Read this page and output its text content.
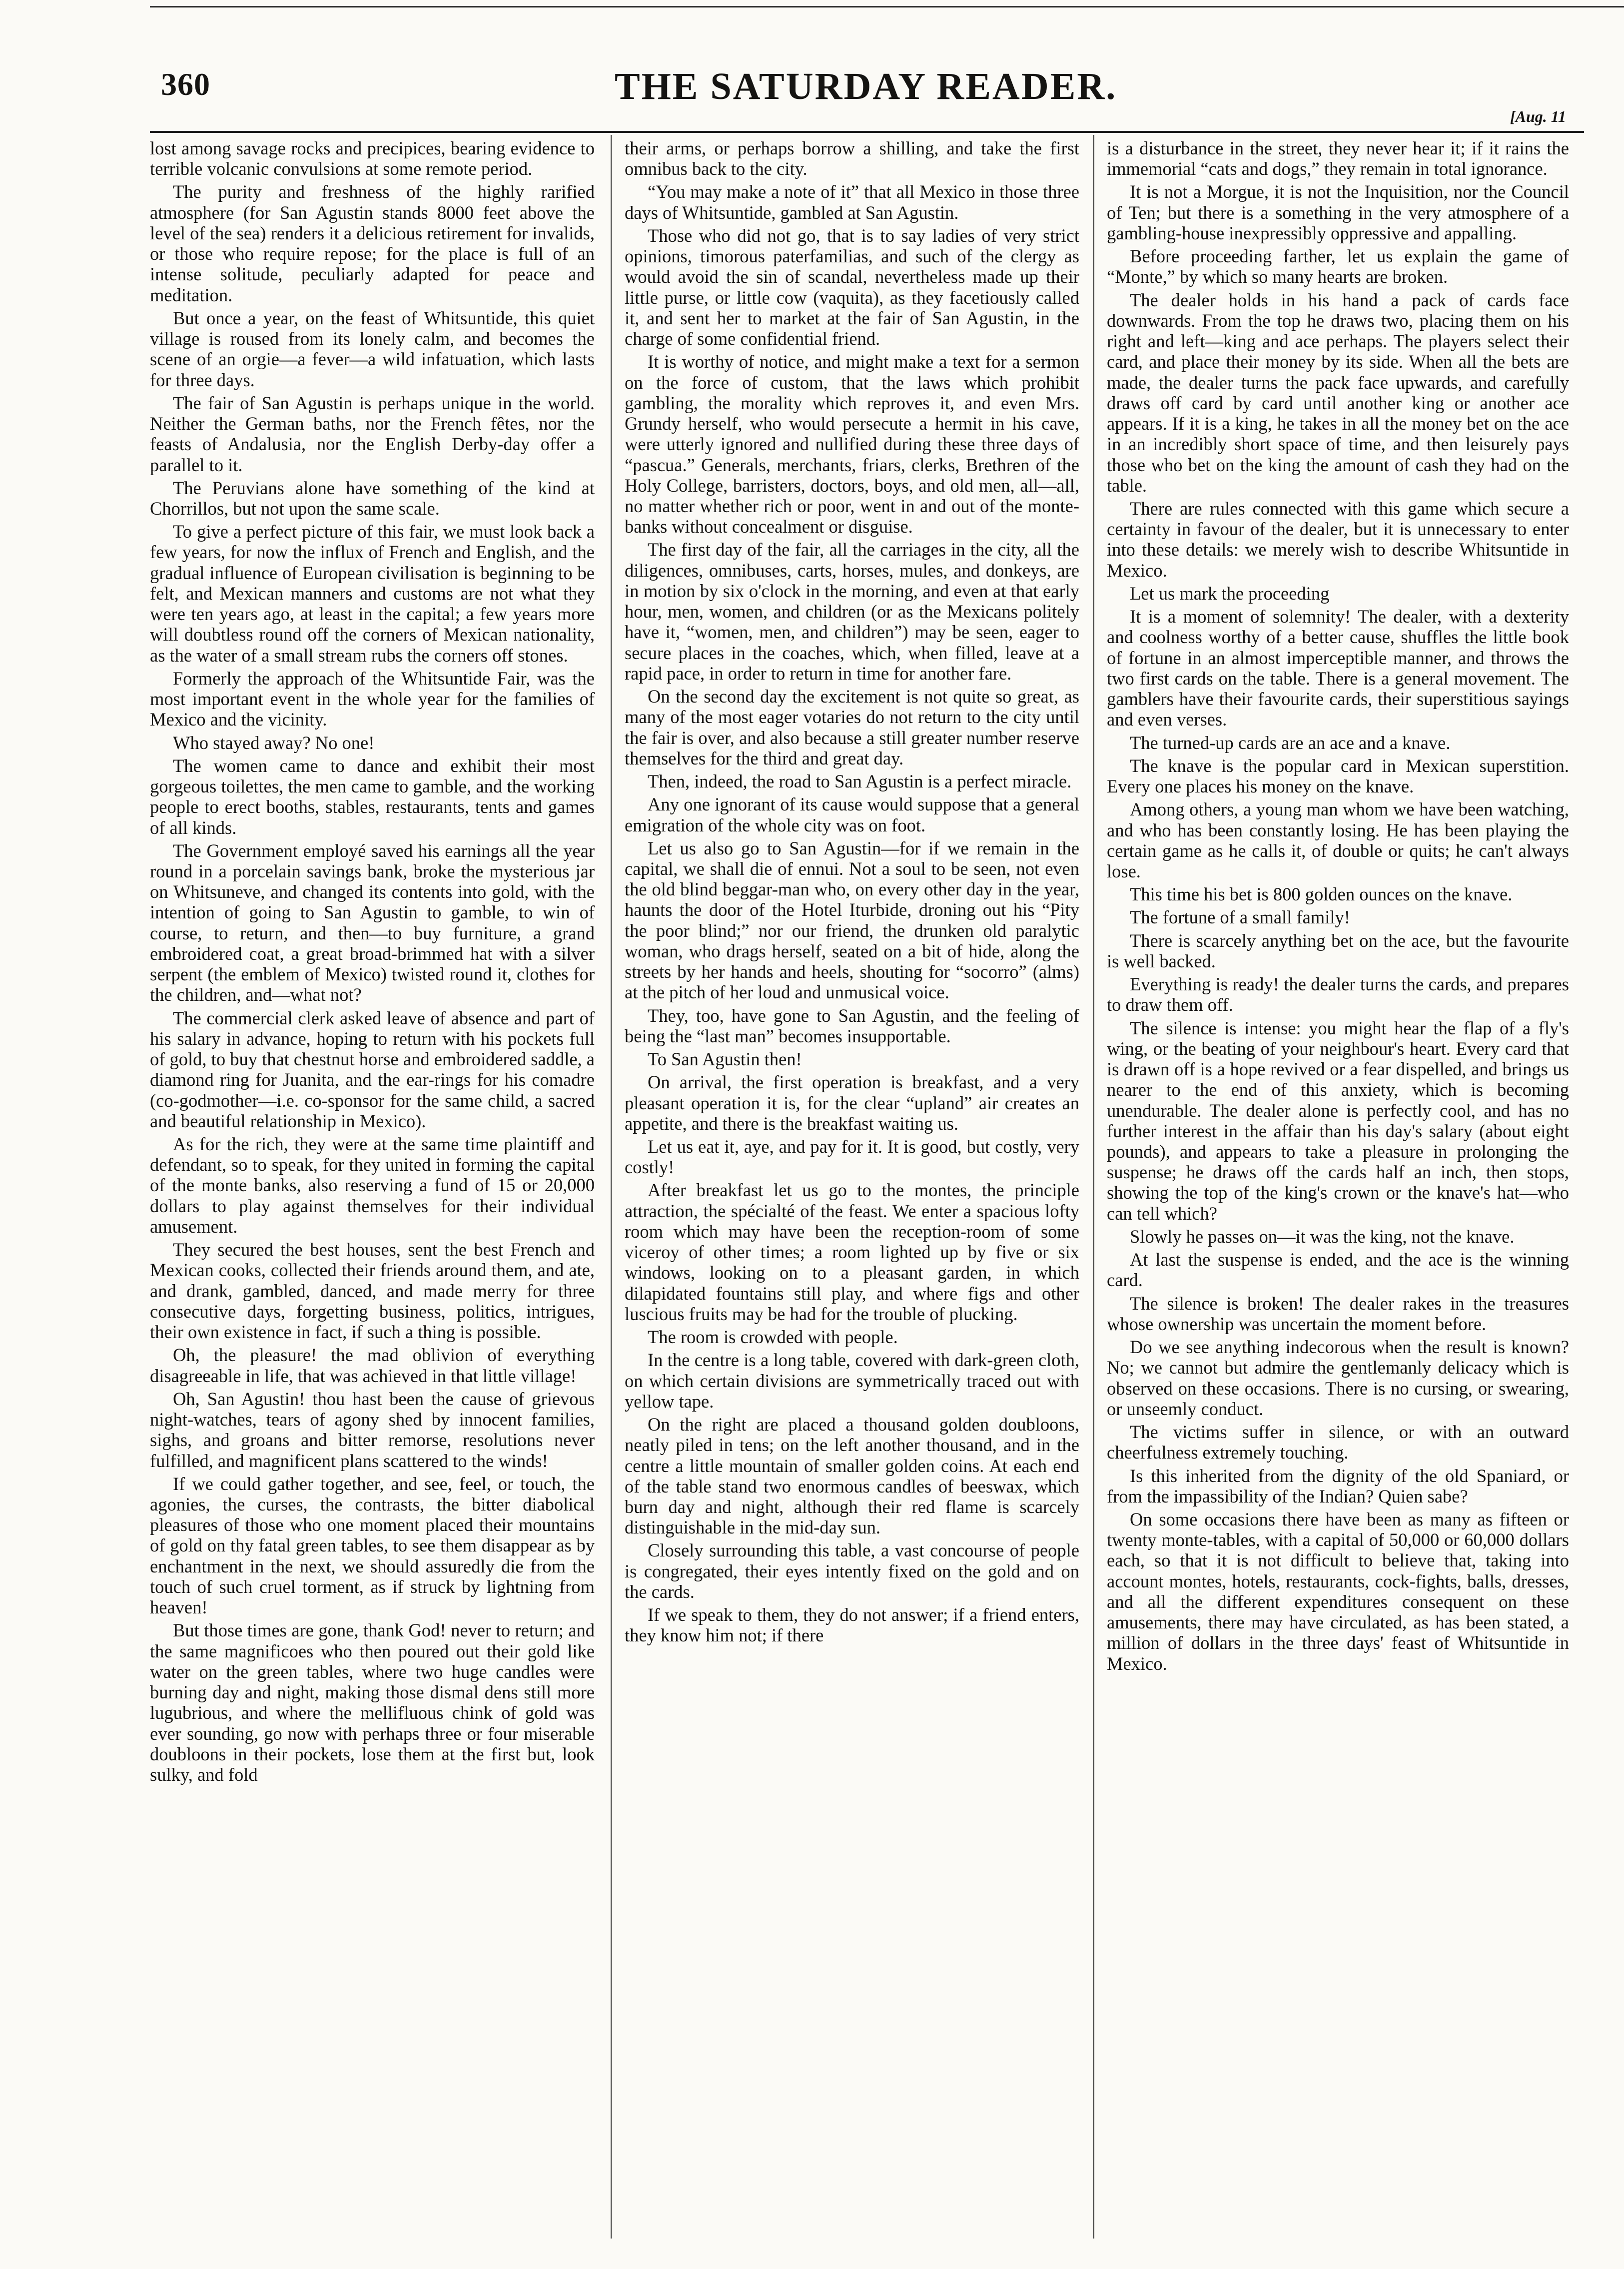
360	THE SATURDAY READER.
[Aug. 11

lost among savage rocks and precipices, bearing evidence to terrible volcanic convulsions at some remote period.

The purity and freshness of the highly rarified atmosphere (for San Agustin stands 8000 feet above the level of the sea) renders it a delicious retirement for invalids, or those who require repose; for the place is full of an intense solitude, peculiarly adapted for peace and meditation.

But once a year, on the feast of Whitsuntide, this quiet village is roused from its lonely calm, and becomes the scene of an orgie—a fever—a wild infatuation, which lasts for three days.

The fair of San Agustin is perhaps unique in the world. Neither the German baths, nor the French fêtes, nor the feasts of Andalusia, nor the English Derby-day offer a parallel to it.

The Peruvians alone have something of the kind at Chorrillos, but not upon the same scale.

To give a perfect picture of this fair, we must look back a few years, for now the influx of French and English, and the gradual influence of European civilisation is beginning to be felt, and Mexican manners and customs are not what they were ten years ago, at least in the capital; a few years more will doubtless round off the corners of Mexican nationality, as the water of a small stream rubs the corners off stones.

Formerly the approach of the Whitsuntide Fair, was the most important event in the whole year for the families of Mexico and the vicinity.

Who stayed away? No one!

The women came to dance and exhibit their most gorgeous toilettes, the men came to gamble, and the working people to erect booths, stables, restaurants, tents and games of all kinds.

The Government employé saved his earnings all the year round in a porcelain savings bank, broke the mysterious jar on Whitsuneve, and changed its contents into gold, with the intention of going to San Agustin to gamble, to win of course, to return, and then—to buy furniture, a grand embroidered coat, a great broad-brimmed hat with a silver serpent (the emblem of Mexico) twisted round it, clothes for the children, and—what not?

The commercial clerk asked leave of absence and part of his salary in advance, hoping to return with his pockets full of gold, to buy that chestnut horse and embroidered saddle, a diamond ring for Juanita, and the ear-rings for his comadre (co-godmother—i.e. co-sponsor for the same child, a sacred and beautiful relationship in Mexico).

As for the rich, they were at the same time plaintiff and defendant, so to speak, for they united in forming the capital of the monte banks, also reserving a fund of 15 or 20,000 dollars to play against themselves for their individual amusement.

They secured the best houses, sent the best French and Mexican cooks, collected their friends around them, and ate, and drank, gambled, danced, and made merry for three consecutive days, forgetting business, politics, intrigues, their own existence in fact, if such a thing is possible.

Oh, the pleasure! the mad oblivion of everything disagreeable in life, that was achieved in that little village!

Oh, San Agustin! thou hast been the cause of grievous night-watches, tears of agony shed by innocent families, sighs, and groans and bitter remorse, resolutions never fulfilled, and magnificent plans scattered to the winds!

If we could gather together, and see, feel, or touch, the agonies, the curses, the contrasts, the bitter diabolical pleasures of those who one moment placed their mountains of gold on thy fatal green tables, to see them disappear as by enchantment in the next, we should assuredly die from the touch of such cruel torment, as if struck by lightning from heaven!

But those times are gone, thank God! never to return; and the same magnificoes who then poured out their gold like water on the green tables, where two huge candles were burning day and night, making those dismal dens still more lugubrious, and where the mellifluous chink of gold was ever sounding, go now with perhaps three or four miserable doubloons in their pockets, lose them at the first but, look sulky, and fold

their arms, or perhaps borrow a shilling, and take the first omnibus back to the city.

“You may make a note of it” that all Mexico in those three days of Whitsuntide, gambled at San Agustin.

Those who did not go, that is to say ladies of very strict opinions, timorous paterfamilias, and such of the clergy as would avoid the sin of scandal, nevertheless made up their little purse, or little cow (vaquita), as they facetiously called it, and sent her to market at the fair of San Agustin, in the charge of some confidential friend.

It is worthy of notice, and might make a text for a sermon on the force of custom, that the laws which prohibit gambling, the morality which reproves it, and even Mrs. Grundy herself, who would persecute a hermit in his cave, were utterly ignored and nullified during these three days of “pascua.” Generals, merchants, friars, clerks, Brethren of the Holy College, barristers, doctors, boys, and old men, all—all, no matter whether rich or poor, went in and out of the monte-banks without concealment or disguise.

The first day of the fair, all the carriages in the city, all the diligences, omnibuses, carts, horses, mules, and donkeys, are in motion by six o'clock in the morning, and even at that early hour, men, women, and children (or as the Mexicans politely have it, “women, men, and children”) may be seen, eager to secure places in the coaches, which, when filled, leave at a rapid pace, in order to return in time for another fare.

On the second day the excitement is not quite so great, as many of the most eager votaries do not return to the city until the fair is over, and also because a still greater number reserve themselves for the third and great day.

Then, indeed, the road to San Agustin is a perfect miracle.

Any one ignorant of its cause would suppose that a general emigration of the whole city was on foot.

Let us also go to San Agustin—for if we remain in the capital, we shall die of ennui. Not a soul to be seen, not even the old blind beggar-man who, on every other day in the year, haunts the door of the Hotel Iturbide, droning out his “Pity the poor blind;” nor our friend, the drunken old paralytic woman, who drags herself, seated on a bit of hide, along the streets by her hands and heels, shouting for “socorro” (alms) at the pitch of her loud and unmusical voice.

They, too, have gone to San Agustin, and the feeling of being the “last man” becomes insupportable.

To San Agustin then!

On arrival, the first operation is breakfast, and a very pleasant operation it is, for the clear “upland” air creates an appetite, and there is the breakfast waiting us.

Let us eat it, aye, and pay for it. It is good, but costly, very costly!

After breakfast let us go to the montes, the principle attraction, the spécialté of the feast. We enter a spacious lofty room which may have been the reception-room of some viceroy of other times; a room lighted up by five or six windows, looking on to a pleasant garden, in which dilapidated fountains still play, and where figs and other luscious fruits may be had for the trouble of plucking.

The room is crowded with people.

In the centre is a long table, covered with dark-green cloth, on which certain divisions are symmetrically traced out with yellow tape.

On the right are placed a thousand golden doubloons, neatly piled in tens; on the left another thousand, and in the centre a little mountain of smaller golden coins. At each end of the table stand two enormous candles of beeswax, which burn day and night, although their red flame is scarcely distinguishable in the mid-day sun.

Closely surrounding this table, a vast concourse of people is congregated, their eyes intently fixed on the gold and on the cards.

If we speak to them, they do not answer; if a friend enters, they know him not; if there

is a disturbance in the street, they never hear it; if it rains the immemorial “cats and dogs,” they remain in total ignorance.

It is not a Morgue, it is not the Inquisition, nor the Council of Ten; but there is a something in the very atmosphere of a gambling-house inexpressibly oppressive and appalling.

Before proceeding farther, let us explain the game of “Monte,” by which so many hearts are broken.

The dealer holds in his hand a pack of cards face downwards. From the top he draws two, placing them on his right and left—king and ace perhaps. The players select their card, and place their money by its side. When all the bets are made, the dealer turns the pack face upwards, and carefully draws off card by card until another king or another ace appears. If it is a king, he takes in all the money bet on the ace in an incredibly short space of time, and then leisurely pays those who bet on the king the amount of cash they had on the table.

There are rules connected with this game which secure a certainty in favour of the dealer, but it is unnecessary to enter into these details: we merely wish to describe Whitsuntide in Mexico.

Let us mark the proceeding

It is a moment of solemnity! The dealer, with a dexterity and coolness worthy of a better cause, shuffles the little book of fortune in an almost imperceptible manner, and throws the two first cards on the table. There is a general movement. The gamblers have their favourite cards, their superstitious sayings and even verses.

The turned-up cards are an ace and a knave.

The knave is the popular card in Mexican superstition. Every one places his money on the knave.

Among others, a young man whom we have been watching, and who has been constantly losing. He has been playing the certain game as he calls it, of double or quits; he can't always lose.

This time his bet is 800 golden ounces on the knave.

The fortune of a small family!

There is scarcely anything bet on the ace, but the favourite is well backed.

Everything is ready! the dealer turns the cards, and prepares to draw them off.

The silence is intense: you might hear the flap of a fly's wing, or the beating of your neighbour's heart. Every card that is drawn off is a hope revived or a fear dispelled, and brings us nearer to the end of this anxiety, which is becoming unendurable. The dealer alone is perfectly cool, and has no further interest in the affair than his day's salary (about eight pounds), and appears to take a pleasure in prolonging the suspense; he draws off the cards half an inch, then stops, showing the top of the king's crown or the knave's hat—who can tell which?

Slowly he passes on—it was the king, not the knave.

At last the suspense is ended, and the ace is the winning card.

The silence is broken! The dealer rakes in the treasures whose ownership was uncertain the moment before.

Do we see anything indecorous when the result is known? No; we cannot but admire the gentlemanly delicacy which is observed on these occasions. There is no cursing, or swearing, or unseemly conduct.

The victims suffer in silence, or with an outward cheerfulness extremely touching.

Is this inherited from the dignity of the old Spaniard, or from the impassibility of the Indian? Quien sabe?

On some occasions there have been as many as fifteen or twenty monte-tables, with a capital of 50,000 or 60,000 dollars each, so that it is not difficult to believe that, taking into account montes, hotels, restaurants, cock-fights, balls, dresses, and all the different expenditures consequent on these amusements, there may have circulated, as has been stated, a million of dollars in the three days' feast of Whitsuntide in Mexico.
